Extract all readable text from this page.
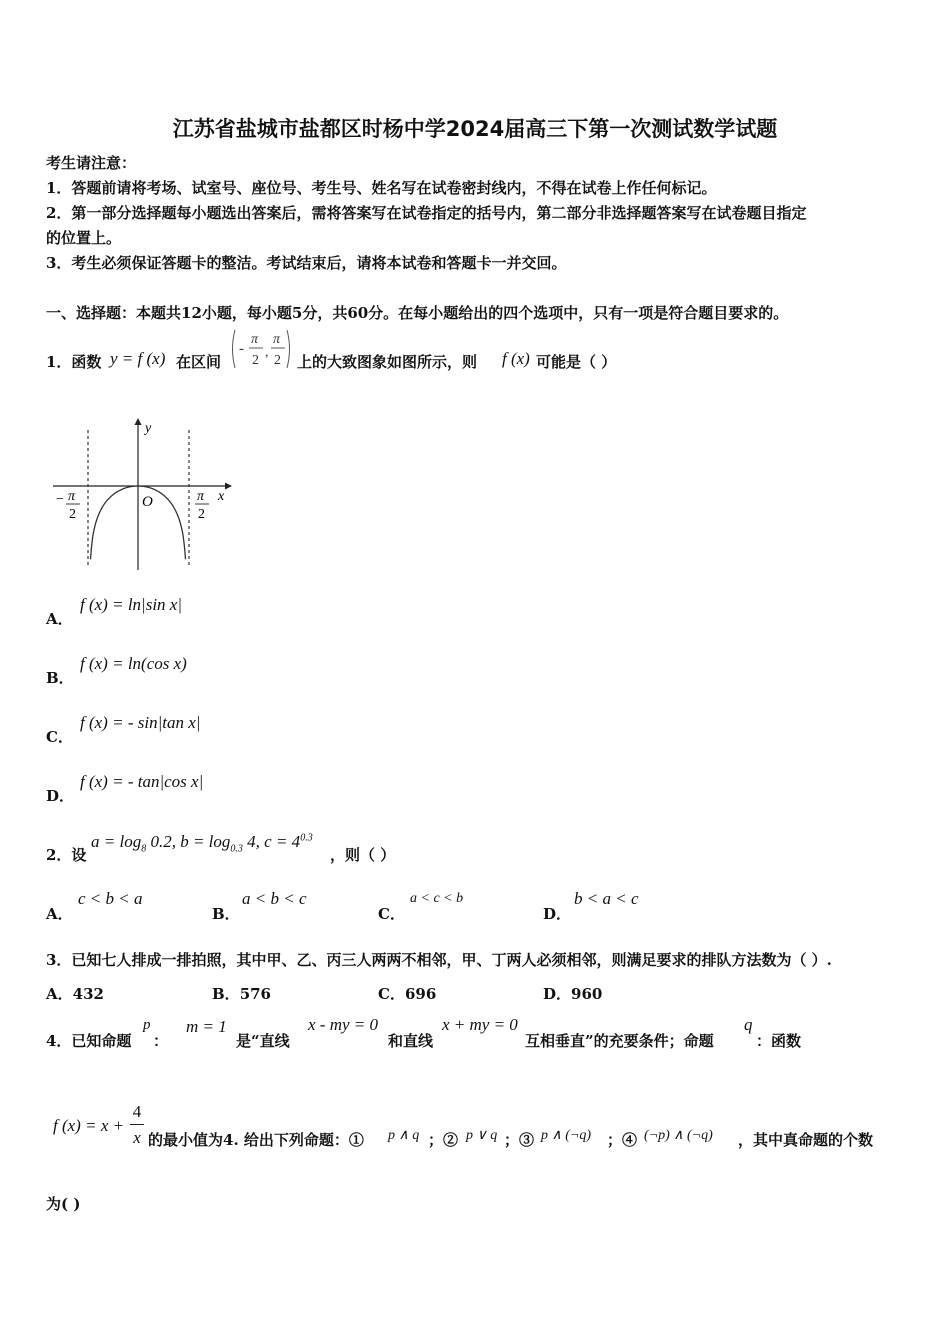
江苏省盐城市盐都区时杨中学2024届高三下第一次测试数学试题
考生请注意：
1．答题前请将考场、试室号、座位号、考生号、姓名写在试卷密封线内，不得在试卷上作任何标记。
2．第一部分选择题每小题选出答案后，需将答案写在试卷指定的括号内，第二部分非选择题答案写在试卷题目指定
的位置上。
3．考生必须保证答题卡的整洁。考试结束后，请将本试卷和答题卡一并交回。
一、选择题：本题共12小题，每小题5分，共60分。在每小题给出的四个选项中，只有一项是符合题目要求的。
1．函数 y = f (x) 在区间
-
π
2
,
π
2 上的大致图象如图所示，则 f (x) 可能是（ ）
y
x
O
− π
2
π
2
A．
f (x) = ln|sin x|
B．
f (x) = ln(cos x)
C．
f (x) = - sin|tan x|
D．
f (x) = - tan|cos x|
2．设
$a = \log_8 0.2$, $b = \log_{0.3} 4$, $c = 4^{0.3}$
，则（ ）
A．
c < b < a
B．
a < b < c
C．
a < c < b
D．
b < a < c
3．已知七人排成一排拍照，其中甲、乙、丙三人两两不相邻，甲、丁两人必须相邻，则满足要求的排队方法数为（ ）.
A．432	B．576	C．696	D．960
4．已知命题
p
：
m = 1
是“直线
x - my = 0
和直线
x + my = 0
互相垂直”的充要条件；命题
q
：函数
f (x) = x +
4
x 的最小值为4. 给出下列命题：① p ∧ q ；② p ∨ q ；③ p ∧ (¬q) ；④ (¬p) ∧ (¬q) ，其中真命题的个数
为( )
